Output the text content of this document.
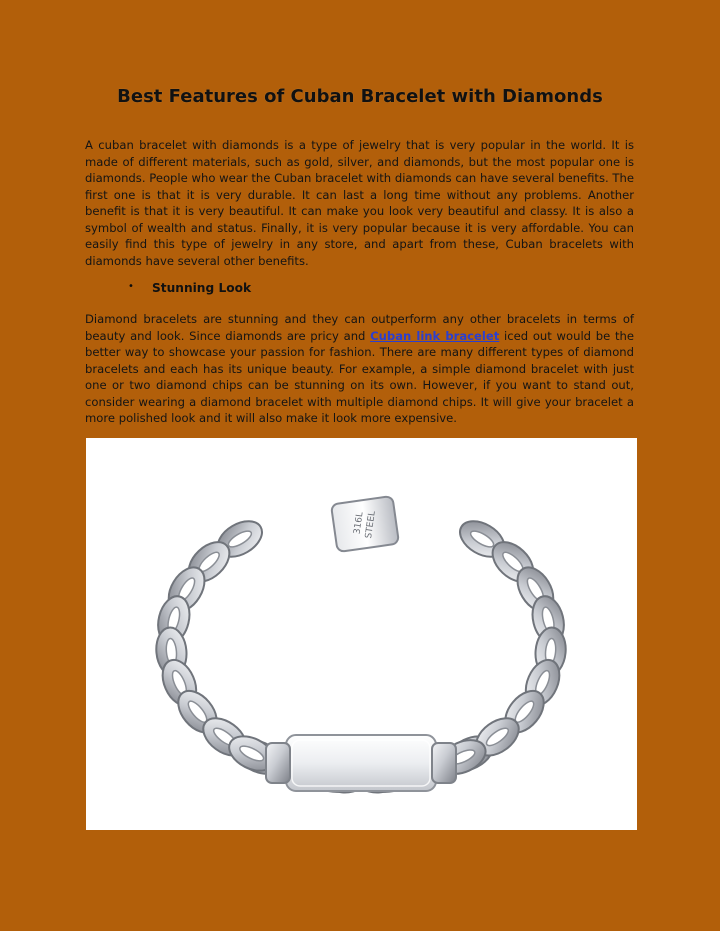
Best Features of Cuban Bracelet with Diamonds
A cuban bracelet with diamonds is a type of jewelry that is very popular in the world. It is made of different materials, such as gold, silver, and diamonds, but the most popular one is diamonds. People who wear the Cuban bracelet with diamonds can have several benefits. The first one is that it is very durable. It can last a long time without any problems. Another benefit is that it is very beautiful. It can make you look very beautiful and classy. It is also a symbol of wealth and status. Finally, it is very popular because it is very affordable. You can easily find this type of jewelry in any store, and apart from these, Cuban bracelets with diamonds have several other benefits.
• Stunning Look
Diamond bracelets are stunning and they can outperform any other bracelets in terms of beauty and look. Since diamonds are pricy and Cuban link bracelet iced out would be the better way to showcase your passion for fashion. There are many different types of diamond bracelets and each has its unique beauty. For example, a simple diamond bracelet with just one or two diamond chips can be stunning on its own. However, if you want to stand out, consider wearing a diamond bracelet with multiple diamond chips. It will give your bracelet a more polished look and it will also make it look more expensive.
316L
STEEL
